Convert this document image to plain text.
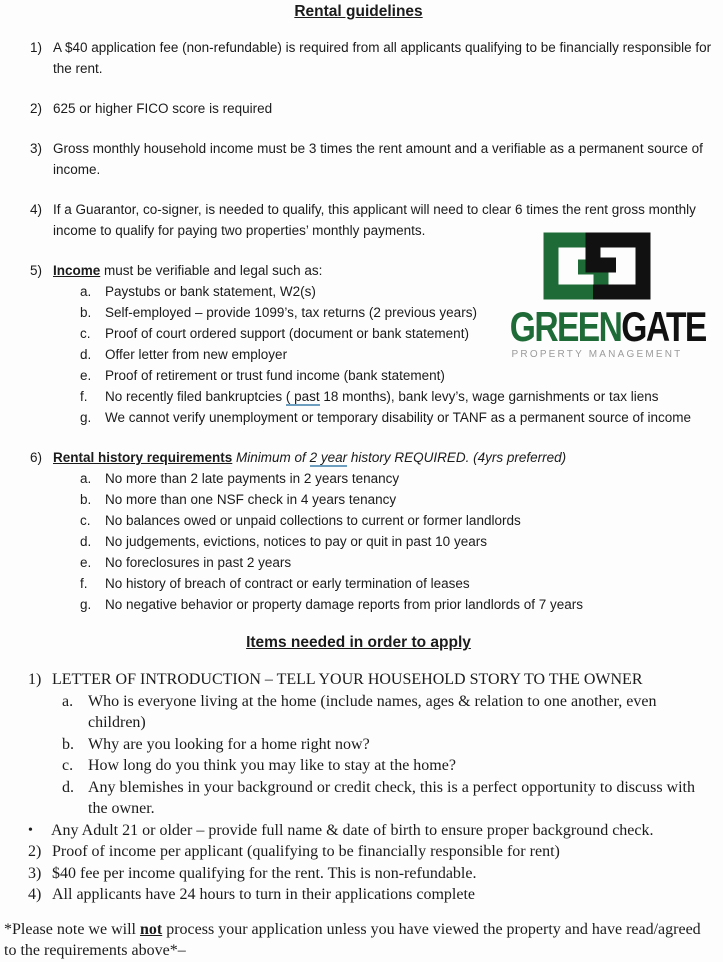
Rental guidelines
1) A $40 application fee (non-refundable) is required from all applicants qualifying to be financially responsible for the rent.
2) 625 or higher FICO score is required
3) Gross monthly household income must be 3 times the rent amount and a verifiable as a permanent source of income.
4) If a Guarantor, co-signer, is needed to qualify, this applicant will need to clear 6 times the rent gross monthly income to qualify for paying two properties’ monthly payments.
5) Income must be verifiable and legal such as:
a.	Paystubs or bank statement, W2(s)
b.	Self-employed – provide 1099’s, tax returns (2 previous years)
c.	Proof of court ordered support (document or bank statement)
d.	Offer letter from new employer
e.	Proof of retirement or trust fund income (bank statement)
f.	No recently filed bankruptcies ( past 18 months), bank levy’s, wage garnishments or tax liens
g.	We cannot verify unemployment or temporary disability or TANF as a permanent source of income
6) Rental history requirements Minimum of 2 year history REQUIRED. (4yrs preferred)
a.	No more than 2 late payments in 2 years tenancy
b.	No more than one NSF check in 4 years tenancy
c.	No balances owed or unpaid collections to current or former landlords
d.	No judgements, evictions, notices to pay or quit in past 10 years
e.	No foreclosures in past 2 years
f.	No history of breach of contract or early termination of leases
g.	No negative behavior or property damage reports from prior landlords of 7 years
Items needed in order to apply
1) LETTER OF INTRODUCTION – TELL YOUR HOUSEHOLD STORY TO THE OWNER
a. Who is everyone living at the home (include names, ages & relation to one another, even children)
b. Why are you looking for a home right now?
c. How long do you think you may like to stay at the home?
d. Any blemishes in your background or credit check, this is a perfect opportunity to discuss with the owner.
•	Any Adult 21 or older – provide full name & date of birth to ensure proper background check.
2) Proof of income per applicant (qualifying to be financially responsible for rent)
3) $40 fee per income qualifying for the rent. This is non-refundable.
4) All applicants have 24 hours to turn in their applications complete
*Please note we will not process your application unless you have viewed the property and have read/agreed to the requirements above*–
GREENGATE
PROPERTY MANAGEMENT
